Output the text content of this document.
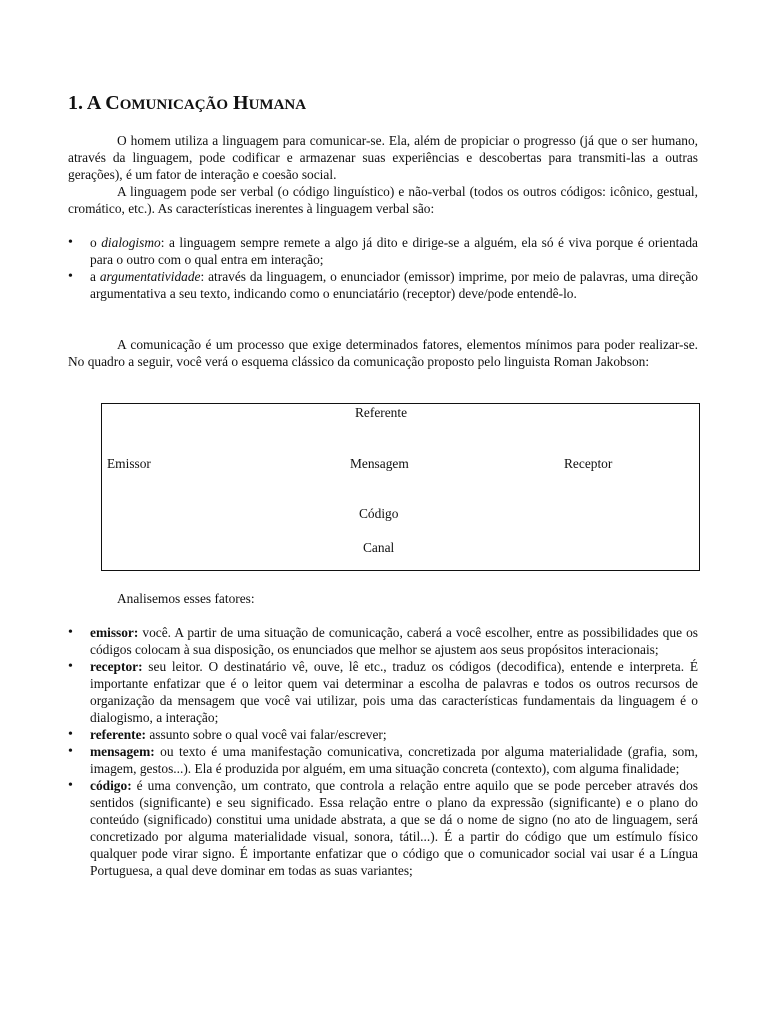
1. A COMUNICAÇÃO HUMANA

O homem utiliza a linguagem para comunicar-se. Ela, além de propiciar o progresso (já que o ser humano, através da linguagem, pode codificar e armazenar suas experiências e descobertas para transmiti-las a outras gerações), é um fator de interação e coesão social.

A linguagem pode ser verbal (o código linguístico) e não-verbal (todos os outros códigos: icônico, gestual, cromático, etc.). As características inerentes à linguagem verbal são:

• o dialogismo: a linguagem sempre remete a algo já dito e dirige-se a alguém, ela só é viva porque é orientada para o outro com o qual entra em interação;
• a argumentatividade: através da linguagem, o enunciador (emissor) imprime, por meio de palavras, uma direção argumentativa a seu texto, indicando como o enunciatário (receptor) deve/pode entendê-lo.

A comunicação é um processo que exige determinados fatores, elementos mínimos para poder realizar-se. No quadro a seguir, você verá o esquema clássico da comunicação proposto pelo linguista Roman Jakobson:

Referente
Emissor	Mensagem	Receptor
Código
Canal

Analisemos esses fatores:

• emissor: você. A partir de uma situação de comunicação, caberá a você escolher, entre as possibilidades que os códigos colocam à sua disposição, os enunciados que melhor se ajustem aos seus propósitos interacionais;
• receptor: seu leitor. O destinatário vê, ouve, lê etc., traduz os códigos (decodifica), entende e interpreta. É importante enfatizar que é o leitor quem vai determinar a escolha de palavras e todos os outros recursos de organização da mensagem que você vai utilizar, pois uma das características fundamentais da linguagem é o dialogismo, a interação;
• referente: assunto sobre o qual você vai falar/escrever;
• mensagem: ou texto é uma manifestação comunicativa, concretizada por alguma materialidade (grafia, som, imagem, gestos...). Ela é produzida por alguém, em uma situação concreta (contexto), com alguma finalidade;
• código: é uma convenção, um contrato, que controla a relação entre aquilo que se pode perceber através dos sentidos (significante) e seu significado. Essa relação entre o plano da expressão (significante) e o plano do conteúdo (significado) constitui uma unidade abstrata, a que se dá o nome de signo (no ato de linguagem, será concretizado por alguma materialidade visual, sonora, tátil...). É a partir do código que um estímulo físico qualquer pode virar signo. É importante enfatizar que o código que o comunicador social vai usar é a Língua Portuguesa, a qual deve dominar em todas as suas variantes;
